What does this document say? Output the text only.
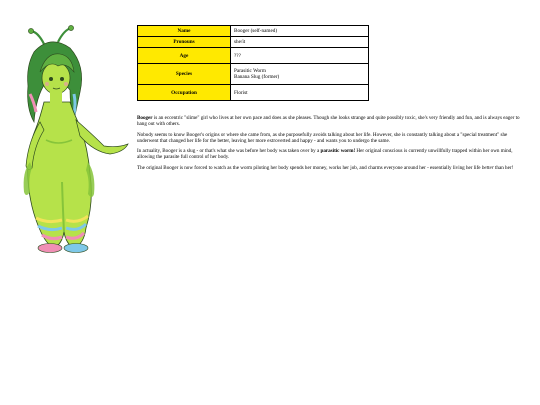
Name	Booger (self-named)
Pronouns	she/it
Age	???
Species	Parasitic Worm
Banana Slug (former)

Occupation	Florist

Booger is an eccentric "slime" girl who lives at her own pace and does as she pleases. Though she looks strange and quite possibly toxic, she's very friendly and fun, and is always eager to hang out with others.

Nobody seems to know Booger's origins or where she came from, as she purposefully avoids talking about her life. However, she is constantly talking about a "special treatment" she underwent that changed her life for the better, leaving her more extroverted and happy - and wants you to undergo the same.

In actuality, Booger is a slug - or that's what she was before her body was taken over by a parasitic worm! Her original conscious is currently unwillfully trapped within her own mind, allowing the parasite full control of her body.

The original Booger is now forced to watch as the worm piloting her body spends her money, works her job, and charms everyone around her - essentially living her life better than her!
